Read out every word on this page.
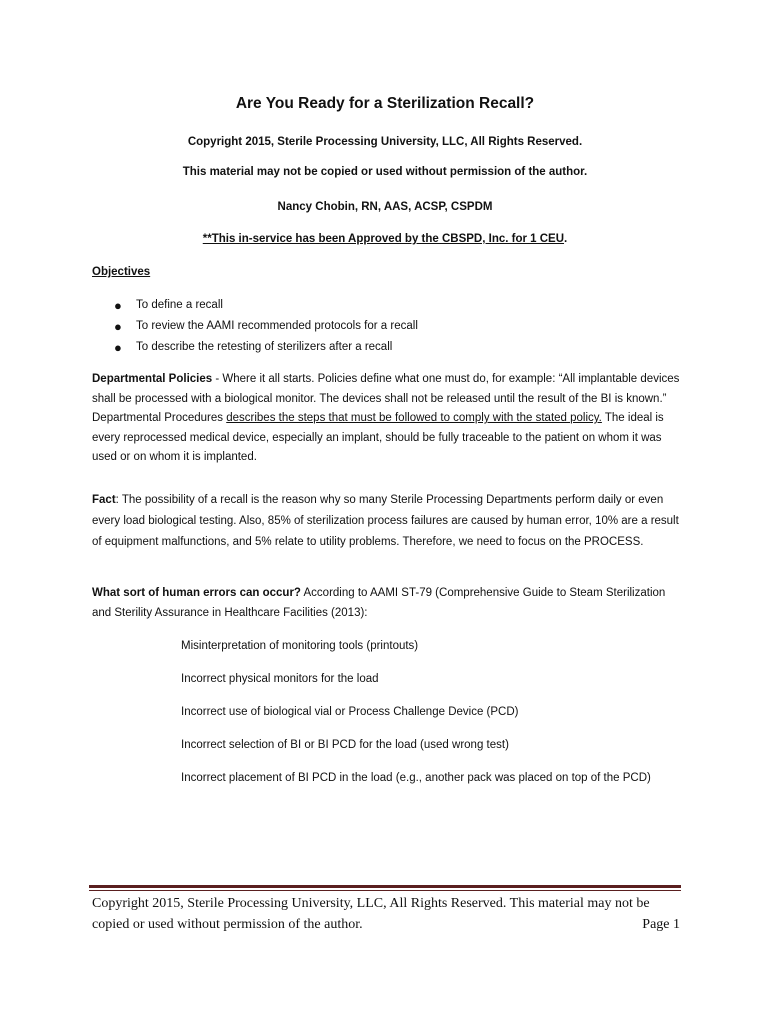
Are You Ready for a Sterilization Recall?
Copyright 2015, Sterile Processing University, LLC, All Rights Reserved.
This material may not be copied or used without permission of the author.
Nancy Chobin, RN, AAS, ACSP, CSPDM
**This in-service has been Approved by the CBSPD, Inc. for 1 CEU.
Objectives
● To define a recall
● To review the AAMI recommended protocols for a recall
● To describe the retesting of sterilizers after a recall
Departmental Policies - Where it all starts. Policies define what one must do, for example: “All implantable devices shall be processed with a biological monitor. The devices shall not be released until the result of the BI is known.” Departmental Procedures describes the steps that must be followed to comply with the stated policy. The ideal is every reprocessed medical device, especially an implant, should be fully traceable to the patient on whom it was used or on whom it is implanted.
Fact: The possibility of a recall is the reason why so many Sterile Processing Departments perform daily or even every load biological testing. Also, 85% of sterilization process failures are caused by human error, 10% are a result of equipment malfunctions, and 5% relate to utility problems. Therefore, we need to focus on the PROCESS.
What sort of human errors can occur? According to AAMI ST-79 (Comprehensive Guide to Steam Sterilization and Sterility Assurance in Healthcare Facilities (2013):
Misinterpretation of monitoring tools (printouts)
Incorrect physical monitors for the load
Incorrect use of biological vial or Process Challenge Device (PCD)
Incorrect selection of BI or BI PCD for the load (used wrong test)
Incorrect placement of BI PCD in the load (e.g., another pack was placed on top of the PCD)
Copyright 2015, Sterile Processing University, LLC, All Rights Reserved. This material may not be copied or used without permission of the author.	Page 1
